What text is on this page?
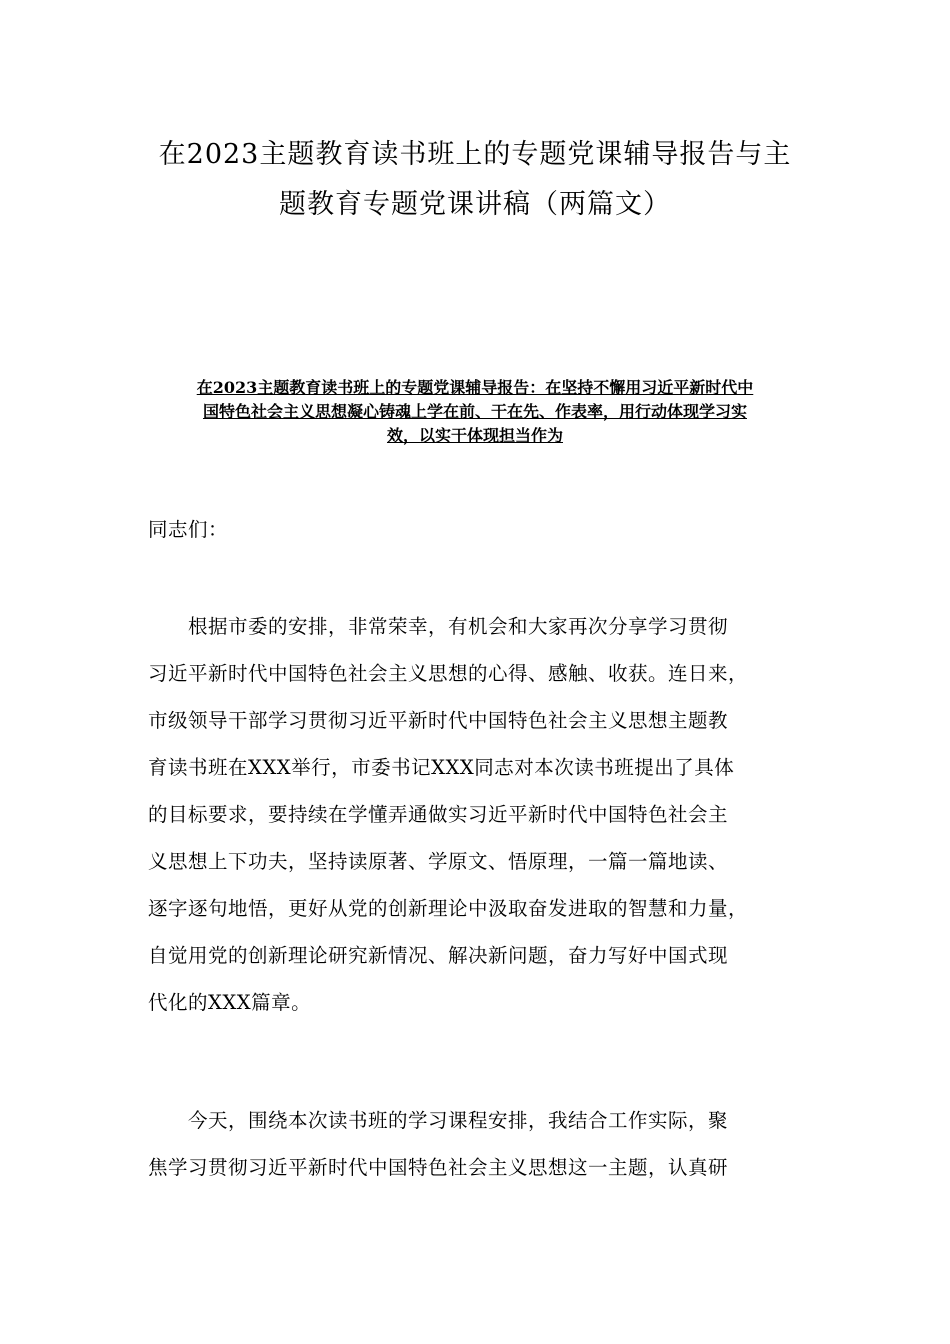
在2023主题教育读书班上的专题党课辅导报告与主
题教育专题党课讲稿（两篇文）
在2023主题教育读书班上的专题党课辅导报告：在坚持不懈用习近平新时代中
国特色社会主义思想凝心铸魂上学在前、干在先、作表率，用行动体现学习实
效，以实干体现担当作为

同志们：

　　根据市委的安排，非常荣幸，有机会和大家再次分享学习贯彻
习近平新时代中国特色社会主义思想的心得、感触、收获。连日来，
市级领导干部学习贯彻习近平新时代中国特色社会主义思想主题教
育读书班在XXX举行，市委书记XXX同志对本次读书班提出了具体
的目标要求，要持续在学懂弄通做实习近平新时代中国特色社会主
义思想上下功夫，坚持读原著、学原文、悟原理，一篇一篇地读、
逐字逐句地悟，更好从党的创新理论中汲取奋发进取的智慧和力量，
自觉用党的创新理论研究新情况、解决新问题，奋力写好中国式现
代化的XXX篇章。

　　今天，围绕本次读书班的学习课程安排，我结合工作实际，聚
焦学习贯彻习近平新时代中国特色社会主义思想这一主题，认真研
